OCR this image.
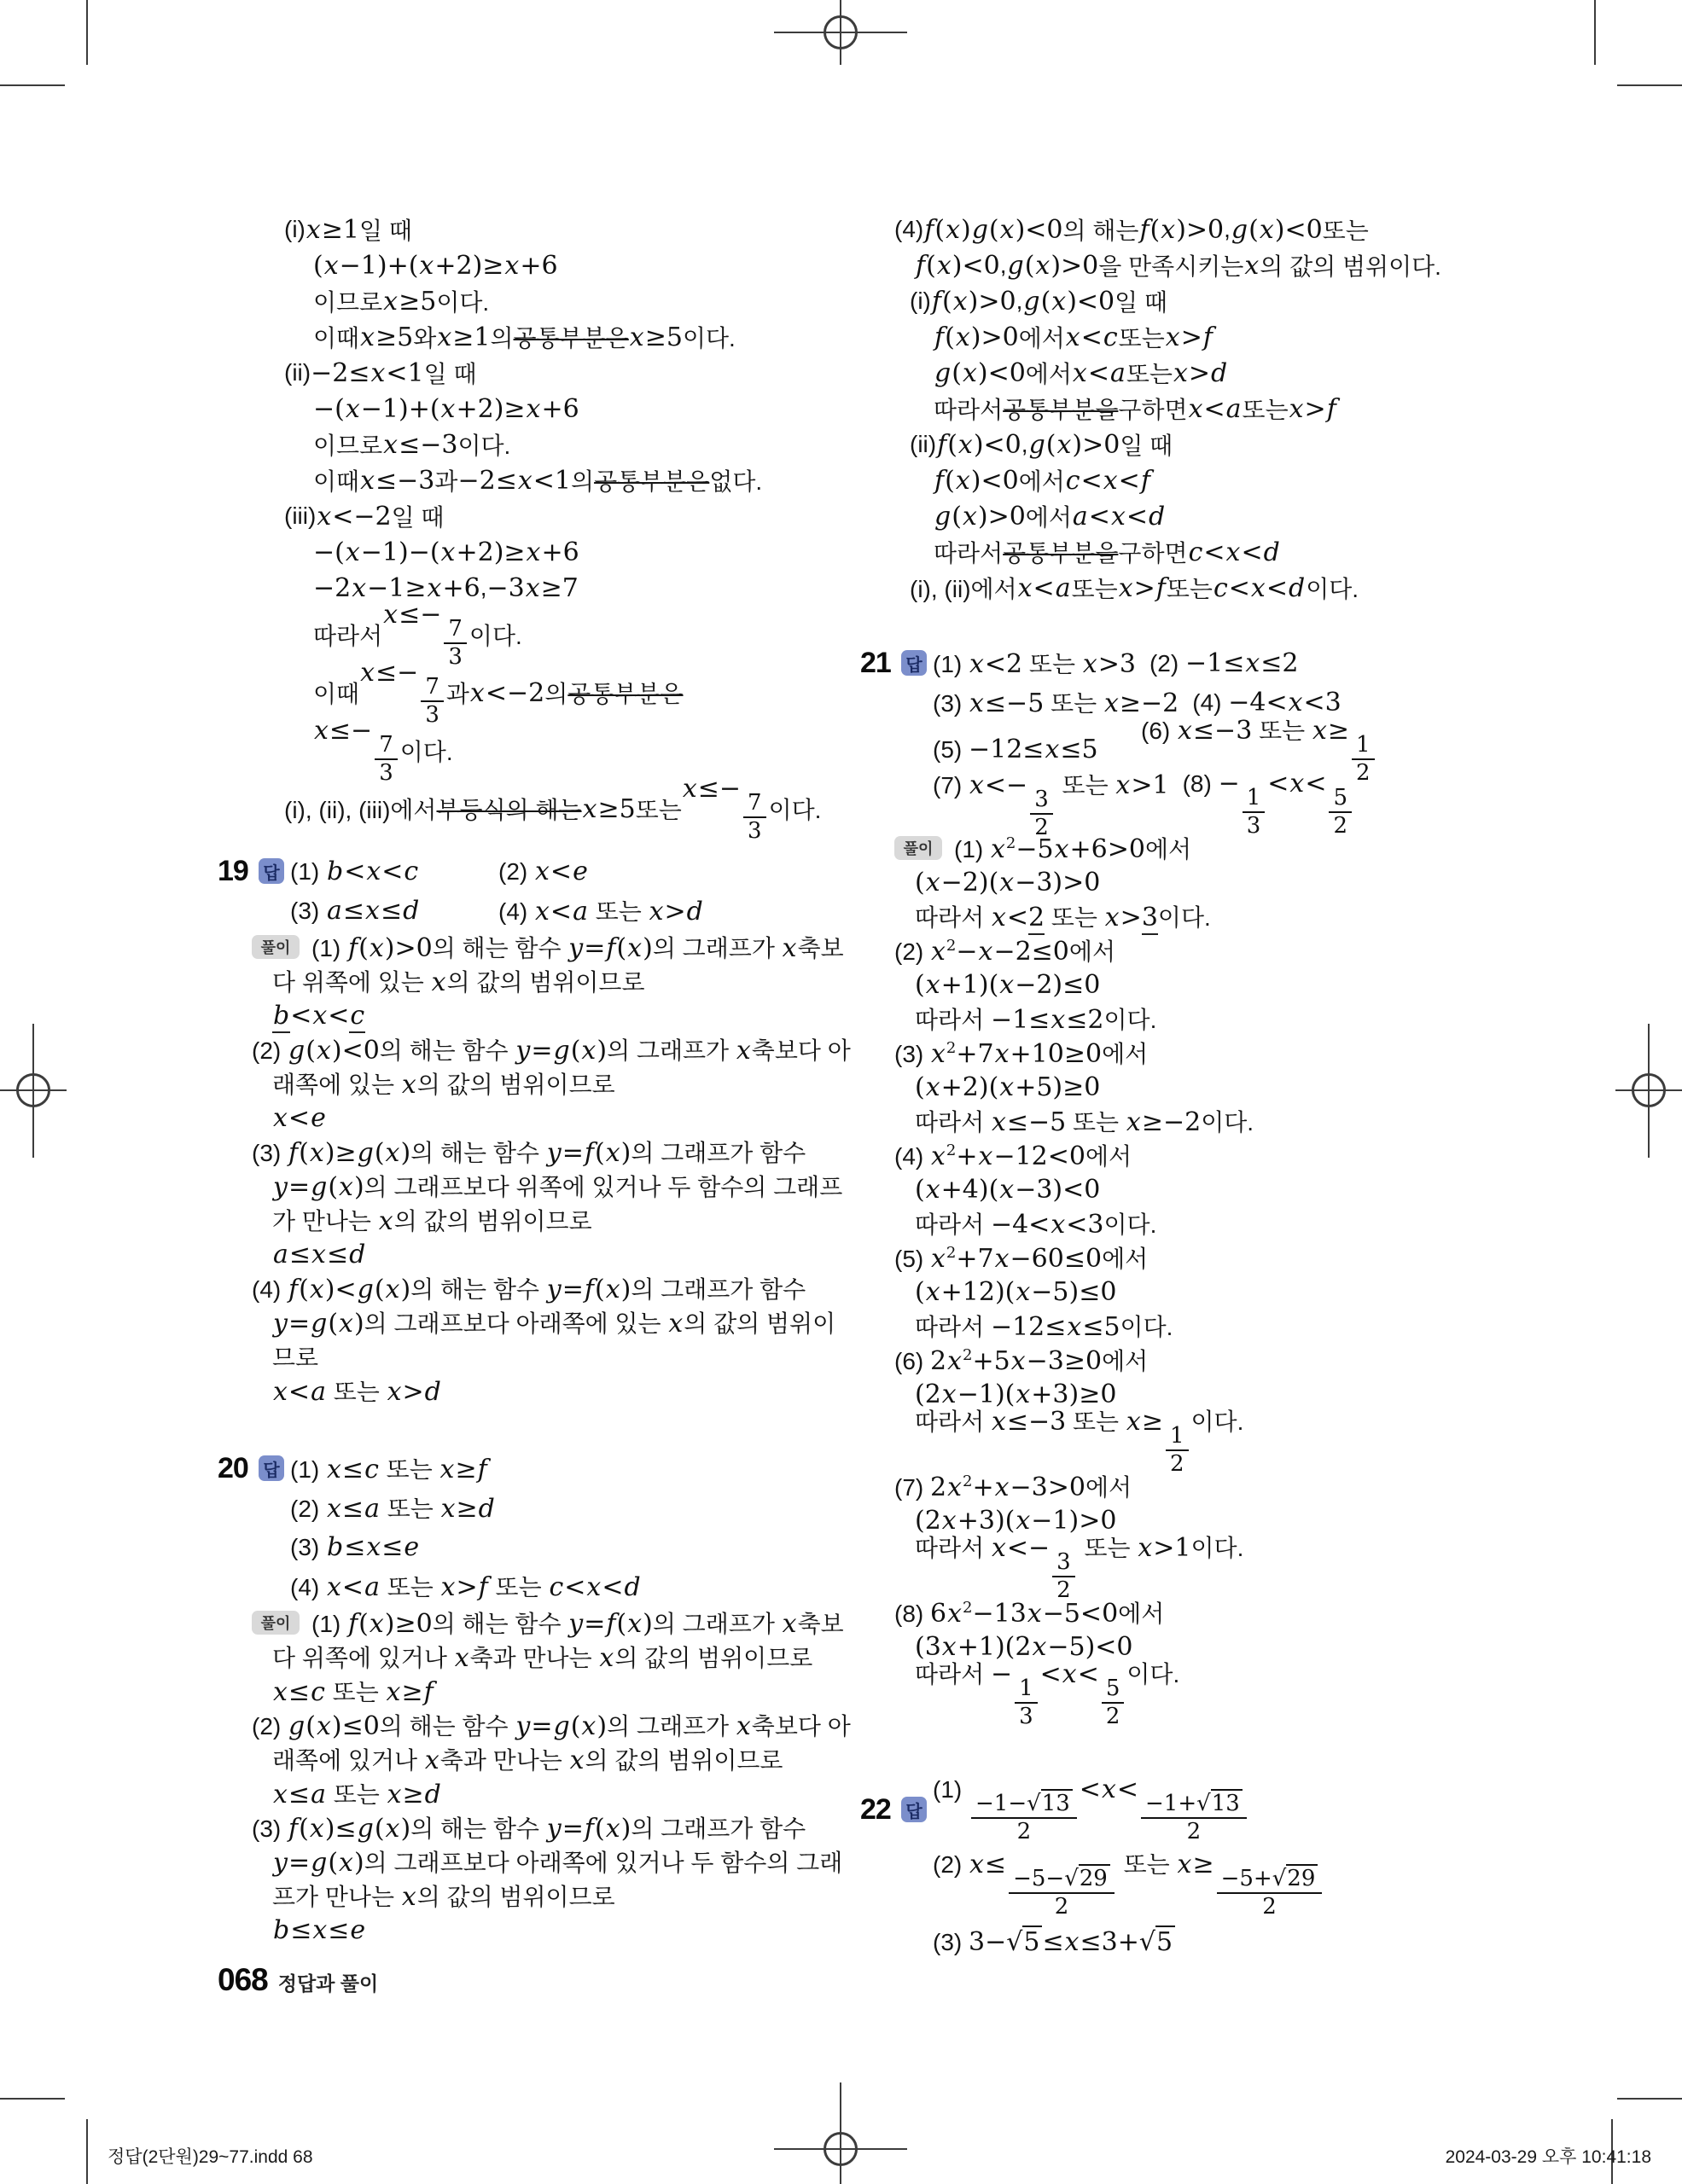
(i) x≥1 일 때
(x−1)+(x+2)≥x+6
이므로 x≥5 이다.
이때 x≥5 와 x≥1 의 공통부분은 x≥5 이다.
(ii) −2≤x<1 일 때
−(x−1)+(x+2)≥x+6
이므로 x≤−3 이다.
이때 x≤−3 과 −2≤x<1 의 공통부분은 없다.
(iii) x<−2 일 때
−(x−1)−(x+2)≥x+6
−2x−1≥x+6 , −3x≥7
따라서
x≤−
$\frac{7}{3}$ 이다.
이때
x≤−
$\frac{7}{3}$ 과 x<−2 의 공통부분은
x≤−
$\frac{7}{3}$ 이다.
(i), (ii), (iii)에서 부등식의 해는 x≥5 또는
x≤−
$\frac{7}{3}$ 이다.
19 답 (1) b<x<c	(2) x<e
(3) a≤x≤d	(4) x<a 또는 x>d
풀이 (1) f(x)>0의 해는 함수 y=f(x)의 그래프가 x축보
다 위쪽에 있는 x의 값의 범위이므로
b<x<c
(2) g(x)<0의 해는 함수 y=g(x)의 그래프가 x축보다 아
래쪽에 있는 x의 값의 범위이므로
x<e
(3) f(x)≥g(x)의 해는 함수 y=f(x)의 그래프가 함수
y=g(x)의 그래프보다 위쪽에 있거나 두 함수의 그래프
가 만나는 x의 값의 범위이므로
a≤x≤d
(4) f(x)<g(x)의 해는 함수 y=f(x)의 그래프가 함수
y=g(x)의 그래프보다 아래쪽에 있는 x의 값의 범위이
므로
x<a 또는 x>d
20 답 (1) x≤c 또는 x≥f
(2) x≤a 또는 x≥d
(3) b≤x≤e
(4) x<a 또는 x>f 또는 c<x<d
풀이 (1) f(x)≥0의 해는 함수 y=f(x)의 그래프가 x축보
다 위쪽에 있거나 x축과 만나는 x의 값의 범위이므로
x≤c 또는 x≥f
(2) g(x)≤0의 해는 함수 y=g(x)의 그래프가 x축보다 아
래쪽에 있거나 x축과 만나는 x의 값의 범위이므로
x≤a 또는 x≥d
(3) f(x)≤g(x)의 해는 함수 y=f(x)의 그래프가 함수
y=g(x)의 그래프보다 아래쪽에 있거나 두 함수의 그래
프가 만나는 x의 값의 범위이므로
b≤x≤e
(4) f(x)g(x)<0 의 해는 f(x)>0 , g(x)<0 또는
f(x)<0 , g(x)>0 을 만족시키는 x 의 값의 범위이다.
(i) f(x)>0 , g(x)<0 일 때
f(x)>0 에서 x<c 또는 x>f
g(x)<0 에서 x<a 또는 x>d
따라서 공통부분을 구하면 x<a 또는 x>f
(ii) f(x)<0 , g(x)>0 일 때
f(x)<0 에서 c<x<f
g(x)>0 에서 a<x<d
따라서 공통부분을 구하면 c<x<d
(i), (ii)에서 x<a 또는 x>f 또는 c<x<d 이다.
21 답 (1) x<2 또는 x>3 (2) −1≤x≤2
(3) x≤−5 또는 x≥−2 (4) −4<x<3
(5) −12≤x≤5
(6) x≤−3 또는 x≥
$\frac{1}{2}$
(7) x<−
$\frac{3}{2}$
또는 x>1 (8) −
$\frac{1}{3}$
<x<
$\frac{5}{2}$
풀이 (1) $x^2-5x+6>0$에서
(x−2)(x−3)>0
따라서 x<2 또는 x>3이다.
(2) $x^2-x-2\le 0$에서
(x+1)(x−2)≤0
따라서 −1≤x≤2이다.
(3) $x^2+7x+10\ge 0$에서
(x+2)(x+5)≥0
따라서 x≤−5 또는 x≥−2이다.
(4) $x^2+x-12<0$에서
(x+4)(x−3)<0
따라서 −4<x<3이다.
(5) $x^2+7x-60\le 0$에서
(x+12)(x−5)≤0
따라서 −12≤x≤5이다.
(6) $2x^2+5x-3\ge 0$에서
(2x−1)(x+3)≥0
따라서 x≤−3 또는 x≥
$\frac{1}{2}$
이다.
(7) $2x^2+x-3>0$에서
(2x+3)(x−1)>0
따라서 x<−
$\frac{3}{2}$
또는 x>1이다.
(8) $6x^2-13x-5<0$에서
(3x+1)(2x−5)<0
따라서 −
$\frac{1}{3}$
<x<
$\frac{5}{2}$
이다.
22 답
(1)
$\frac{-1-√13}{2}$
<x<
$\frac{-1+√13}{2}$
(2) x≤
$\frac{-5-√29}{2}$
또는 x≥
$\frac{-5+√29}{2}$
(3) 3−√5 ≤x≤3+√5
068 정답과 풀이
정답(2단원)29~77.indd 68	2024-03-29 오후 10:41:18
